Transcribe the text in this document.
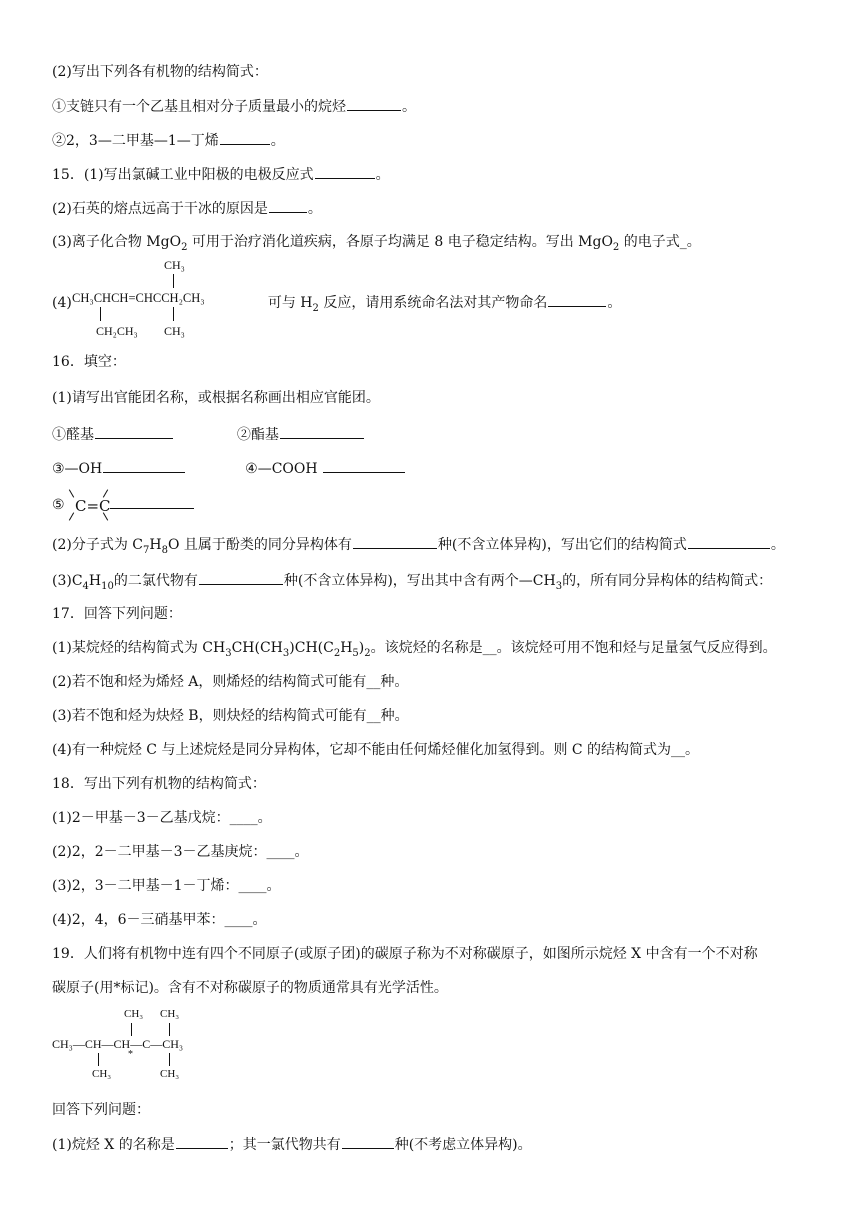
(2)写出下列各有机物的结构简式：
①支链只有一个乙基且相对分子质量最小的烷烃	。
②2，3—二甲基—1—丁烯	。
15．(1)写出氯碱工业中阳极的电极反应式	。
(2)石英的熔点远高于干冰的原因是	。
(3)离子化合物 MgO$_2$ 可用于治疗消化道疾病，各原子均满足 8 电子稳定结构。写出 MgO$_2$ 的电子式_。
(4)	可与 $H_2$ 反应，请用系统命名法对其产物命名	。
CH₃
CH₃CHCH=CHCCH₂CH₃
CH₂CH₃ CH₃
16．填空：
(1)请写出官能团名称，或根据名称画出相应官能团。
①醛基	②酯基
③—OH	④—COOH
⑤ C=C
(2)分子式为 $C_7H_8O$ 且属于酚类的同分异构体有	种(不含立体异构)，写出它们的结构简式	。
$(3)C_4H_{10}$的二氯代物有	种(不含立体异构)，写出其中含有两个$—CH_3$的，所有同分异构体的结构简式：
17．回答下列问题：
(1)某烷烃的结构简式为 $CH_3CH(CH_3)CH(C_2H_5)_2$。该烷烃的名称是__。该烷烃可用不饱和烃与足量氢气反应得到。
(2)若不饱和烃为烯烃 A，则烯烃的结构简式可能有__种。
(3)若不饱和烃为炔烃 B，则炔烃的结构简式可能有__种。
(4)有一种烷烃 C 与上述烷烃是同分异构体，它却不能由任何烯烃催化加氢得到。则 C 的结构简式为__。
18．写出下列有机物的结构简式：
(1)2－甲基－3－乙基戊烷：____。
(2)2，2－二甲基－3－乙基庚烷：____。
(3)2，3－二甲基－1－丁烯：____。
(4)2，4，6－三硝基甲苯：____。
19．人们将有机物中连有四个不同原子(或原子团)的碳原子称为不对称碳原子，如图所示烷烃 X 中含有一个不对称
碳原子(用*标记)。含有不对称碳原子的物质通常具有光学活性。
CH₃ CH₃
CH₃—CH—CH—C—CH₃
*
CH₃	CH₃
回答下列问题：
(1)烷烃 X 的名称是	；其一氯代物共有	种(不考虑立体异构)。
